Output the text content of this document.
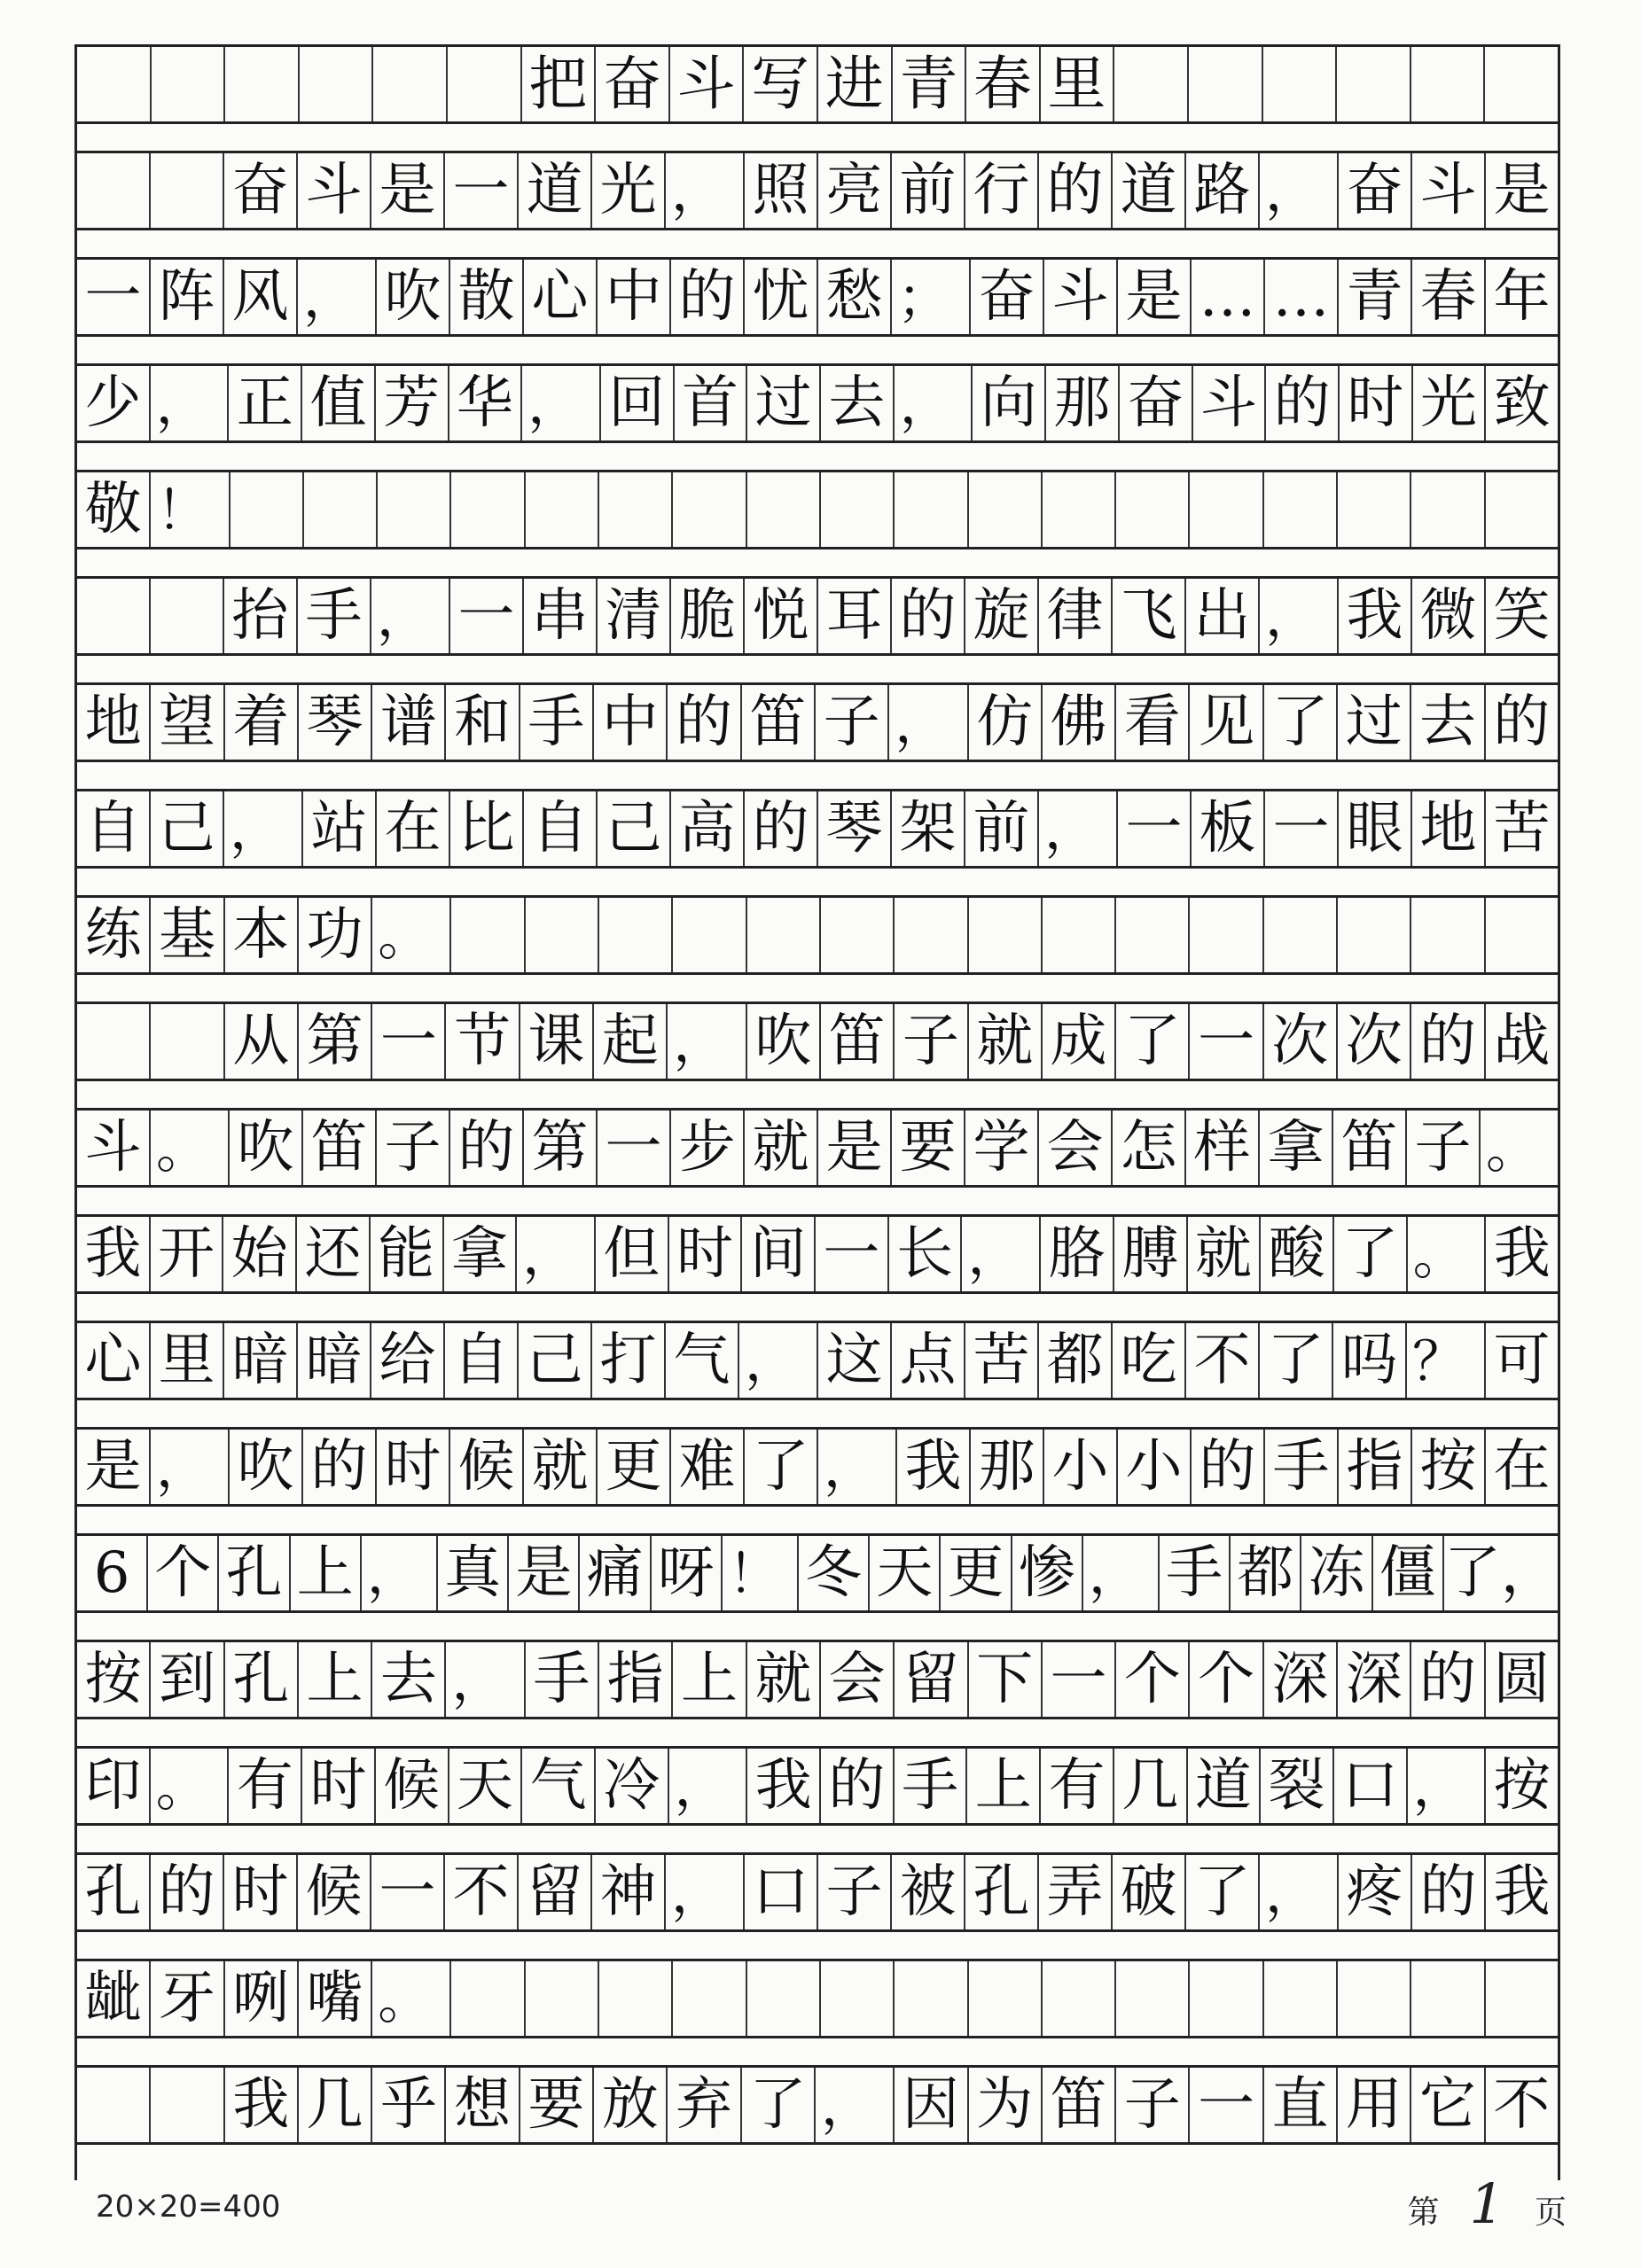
把 奋 斗 写 进 青 春 里
奋 斗 是 一 道 光 ， 照 亮 前 行 的 道 路 ， 奋 斗 是
一 阵 风 ， 吹 散 心 中 的 忧 愁 ； 奋 斗 是 … … 青 春 年
少 ， 正 值 芳 华 ， 回 首 过 去 ， 向 那 奋 斗 的 时 光 致
敬 ！
抬 手 ， 一 串 清 脆 悦 耳 的 旋 律 飞 出 ， 我 微 笑
地 望 着 琴 谱 和 手 中 的 笛 子 ， 仿 佛 看 见 了 过 去 的
自 己 ， 站 在 比 自 己 高 的 琴 架 前 ， 一 板 一 眼 地 苦
练 基 本 功 。
从 第 一 节 课 起 ， 吹 笛 子 就 成 了 一 次 次 的 战
斗 。 吹 笛 子 的 第 一 步 就 是 要 学 会 怎 样 拿 笛 子 。
我 开 始 还 能 拿 ， 但 时 间 一 长 ， 胳 膊 就 酸 了 。 我
心 里 暗 暗 给 自 己 打 气 ， 这 点 苦 都 吃 不 了 吗 ？ 可
是 ， 吹 的 时 候 就 更 难 了 ， 我 那 小 小 的 手 指 按 在
6 个 孔 上 ， 真 是 痛 呀 ！ 冬 天 更 惨 ， 手 都 冻 僵 了，
按 到 孔 上 去 ， 手 指 上 就 会 留 下 一 个 个 深 深 的 圆
印 。 有 时 候 天 气 冷 ， 我 的 手 上 有 几 道 裂 口 ， 按
孔 的 时 候 一 不 留 神 ， 口 子 被 孔 弄 破 了 ， 疼 的 我
龇 牙 咧 嘴 。
我 几 乎 想 要 放 弃 了 ， 因 为 笛 子 一 直 用 它 不
20×20=400	第 1 页
